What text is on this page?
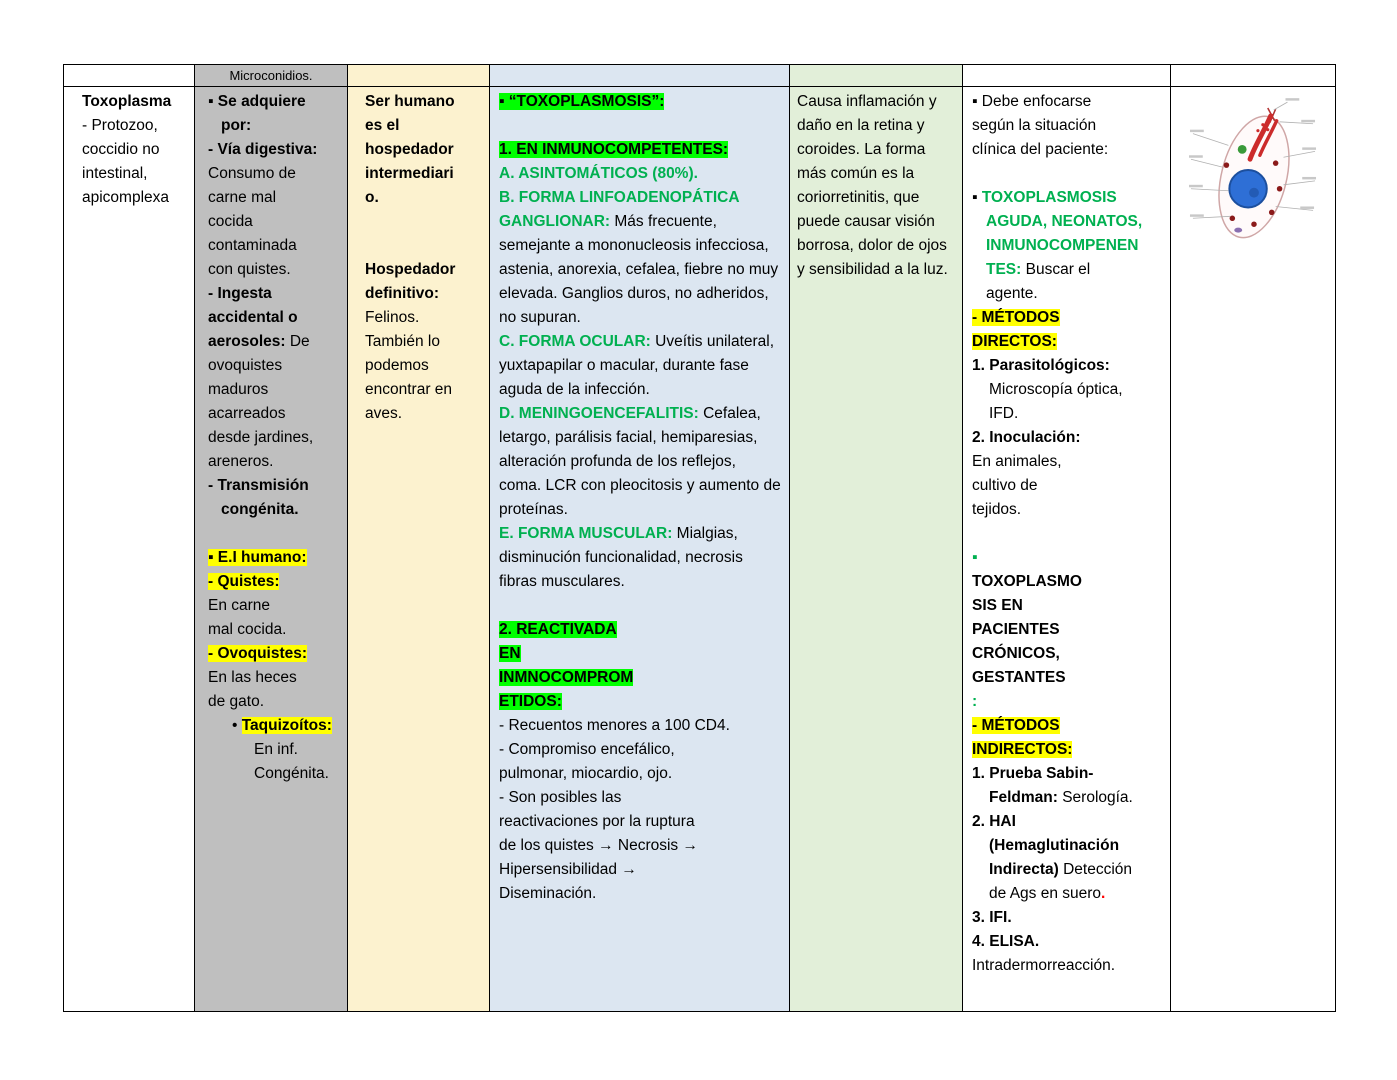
Microconidios.
Toxoplasma
- Protozoo, coccidio no intestinal, apicomplexa
▪ Se adquiere por:
- Vía digestiva: Consumo de carne mal cocida contaminada con quistes.
- Ingesta accidental o aerosoles: De ovoquistes maduros acarreados desde jardines, areneros.
- Transmisión congénita.

▪ E.I humano:
- Quistes:
En carne mal cocida.
- Ovoquistes:
En las heces de gato.
• Taquizoítos: En inf. Congénita.
Ser humano es el hospedador intermediario.

Hospedador definitivo: Felinos. También lo podemos encontrar en aves.
▪ “TOXOPLASMOSIS”:

1. EN INMUNOCOMPETENTES:
A. ASINTOMÁTICOS (80%).
B. FORMA LINFOADENOPÁTICA GANGLIONAR: Más frecuente, semejante a mononucleosis infecciosa, astenia, anorexia, cefalea, fiebre no muy elevada. Ganglios duros, no adheridos, no supuran.
C. FORMA OCULAR: Uveítis unilateral, yuxtapapilar o macular, durante fase aguda de la infección.
D. MENINGOENCEFALITIS: Cefalea, letargo, parálisis facial, hemiparesias, alteración profunda de los reflejos, coma. LCR con pleocitosis y aumento de proteínas.
E. FORMA MUSCULAR: Mialgias, disminución funcionalidad, necrosis fibras musculares.

2. REACTIVADA EN INMNOCOMPROMETIDOS:
- Recuentos menores a 100 CD4.
- Compromiso encefálico, pulmonar, miocardio, ojo.
- Son posibles las reactivaciones por la ruptura de los quistes → Necrosis → Hipersensibilidad → Diseminación.
Causa inflamación y daño en la retina y coroides. La forma más común es la coriorretinitis, que puede causar visión borrosa, dolor de ojos y sensibilidad a la luz.
▪ Debe enfocarse según la situación clínica del paciente:

▪ TOXOPLASMOSIS AGUDA, NEONATOS, INMUNOCOMPENENTES: Buscar el agente.
- MÉTODOS DIRECTOS:
1. Parasitológicos: Microscopía óptica, IFD.
2. Inoculación:
En animales, cultivo de tejidos.

▪ TOXOPLASMOSIS EN PACIENTES CRÓNICOS, GESTANTES
:
- MÉTODOS INDIRECTOS:
1. Prueba Sabin-Feldman: Serología.
2. HAI (Hemaglutinación Indirecta) Detección de Ags en suero.
3. IFI.
4. ELISA.
Intradermorreacción.
